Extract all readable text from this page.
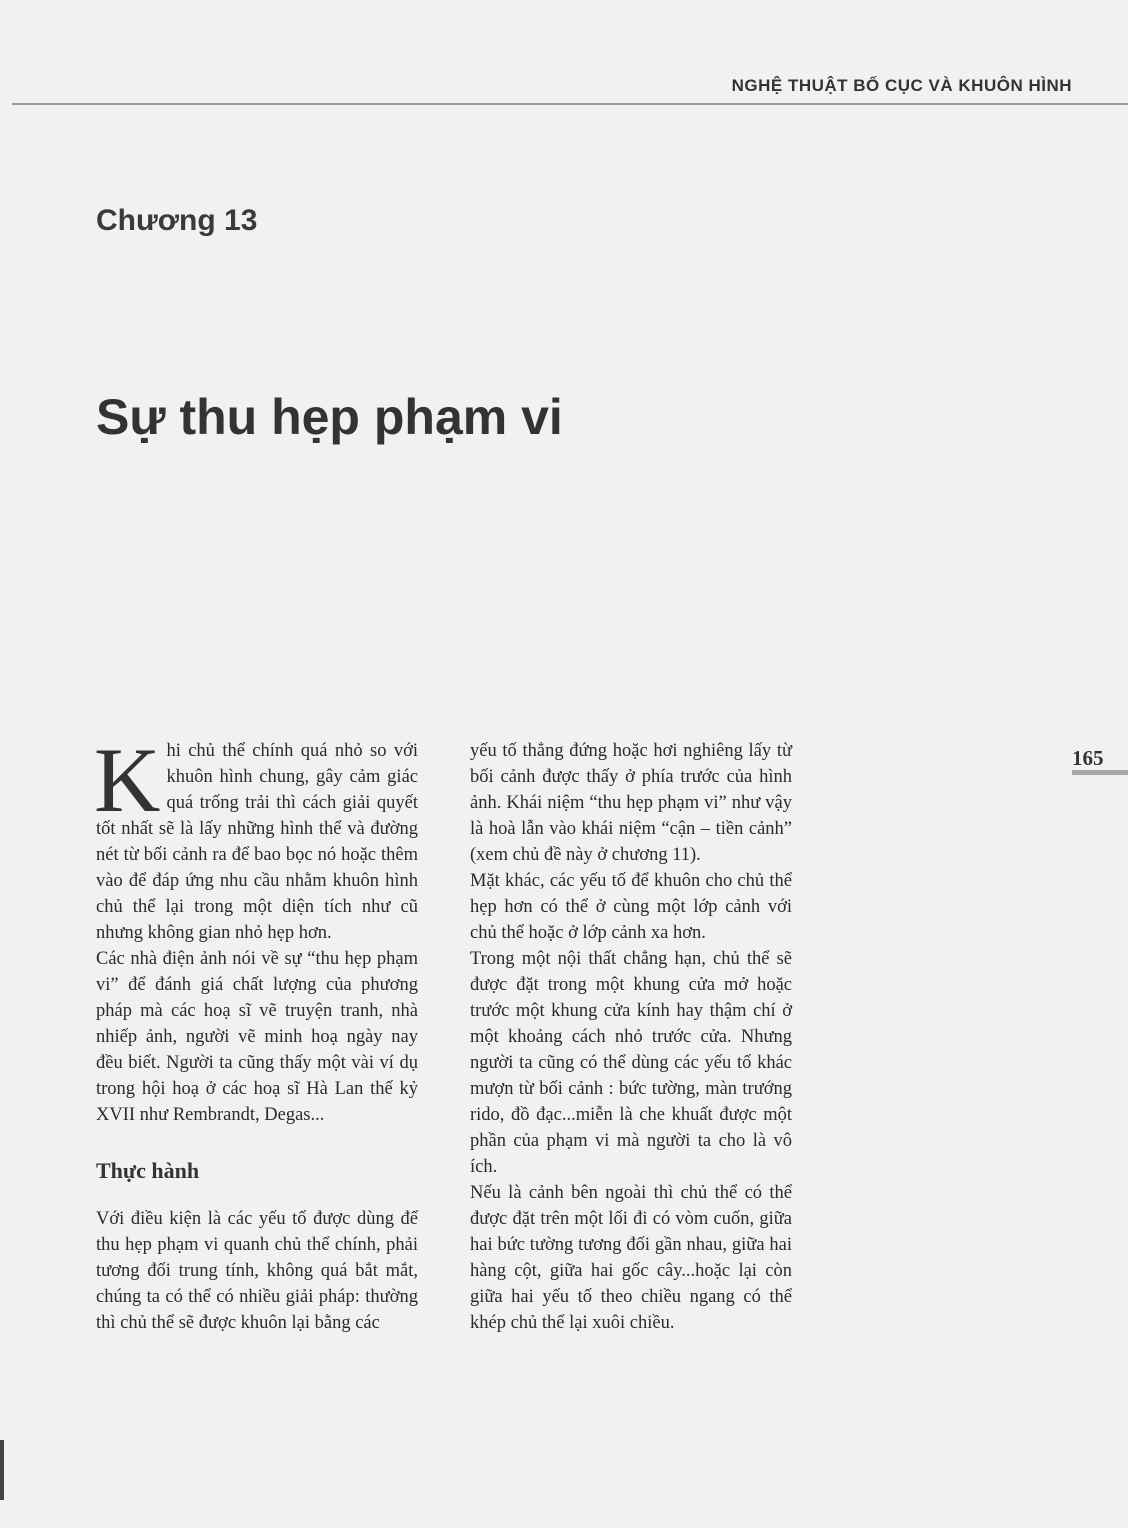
NGHỆ THUẬT BỐ CỤC VÀ KHUÔN HÌNH
Chương 13
Sự thu hẹp phạm vi
165

Khi chủ thể chính quá nhỏ so với khuôn hình chung, gây cảm giác quá trống trải thì cách giải quyết tốt nhất sẽ là lấy những hình thể và đường nét từ bối cảnh ra để bao bọc nó hoặc thêm vào để đáp ứng nhu cầu nhằm khuôn hình chủ thể lại trong một diện tích như cũ nhưng không gian nhỏ hẹp hơn.

Các nhà điện ảnh nói về sự “thu hẹp phạm vi” để đánh giá chất lượng của phương pháp mà các hoạ sĩ vẽ truyện tranh, nhà nhiếp ảnh, người vẽ minh hoạ ngày nay đều biết. Người ta cũng thấy một vài ví dụ trong hội hoạ ở các hoạ sĩ Hà Lan thế kỷ XVII như Rembrandt, Degas...

Thực hành

Với điều kiện là các yếu tố được dùng để thu hẹp phạm vi quanh chủ thể chính, phải tương đối trung tính, không quá bắt mắt, chúng ta có thể có nhiều giải pháp: thường thì chủ thể sẽ được khuôn lại bằng các

yếu tố thẳng đứng hoặc hơi nghiêng lấy từ bối cảnh được thấy ở phía trước của hình ảnh. Khái niệm “thu hẹp phạm vi” như vậy là hoà lẫn vào khái niệm “cận – tiền cảnh” (xem chủ đề này ở chương 11).

Mặt khác, các yếu tố để khuôn cho chủ thể hẹp hơn có thể ở cùng một lớp cảnh với chủ thể hoặc ở lớp cảnh xa hơn.

Trong một nội thất chẳng hạn, chủ thể sẽ được đặt trong một khung cửa mở hoặc trước một khung cửa kính hay thậm chí ở một khoảng cách nhỏ trước cửa. Nhưng người ta cũng có thể dùng các yếu tố khác mượn từ bối cảnh : bức tường, màn trướng rido, đồ đạc...miễn là che khuất được một phần của phạm vi mà người ta cho là vô ích.

Nếu là cảnh bên ngoài thì chủ thể có thể được đặt trên một lối đi có vòm cuốn, giữa hai bức tường tương đối gần nhau, giữa hai hàng cột, giữa hai gốc cây...hoặc lại còn giữa hai yếu tố theo chiều ngang có thể khép chủ thể lại xuôi chiều.
